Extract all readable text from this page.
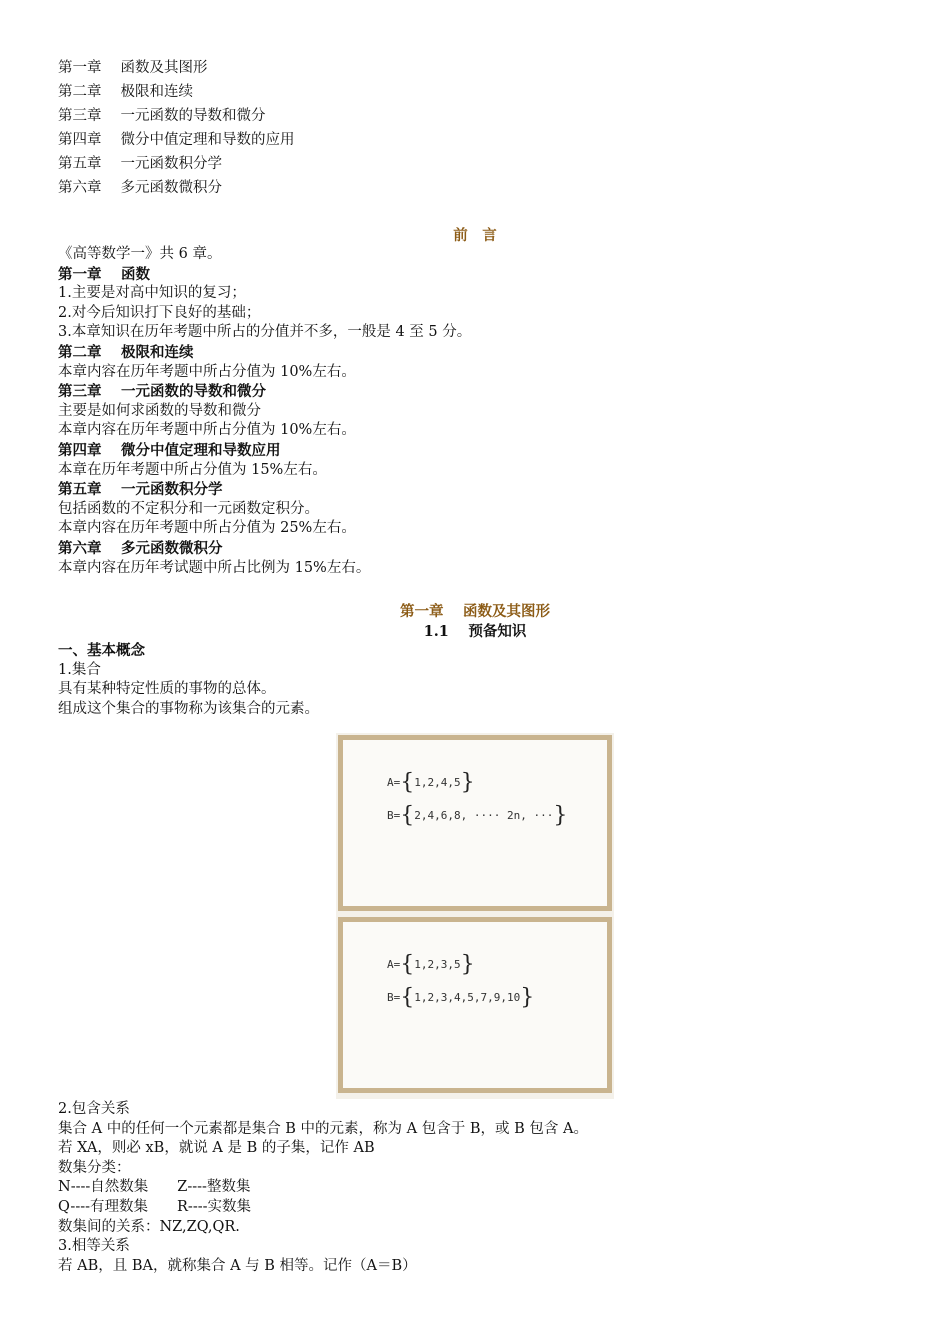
第一章 函数及其图形
第二章 极限和连续
第三章 一元函数的导数和微分
第四章 微分中值定理和导数的应用
第五章 一元函数积分学
第六章 多元函数微积分
前　言
《高等数学一》共 6 章。
第一章　 函数
1.主要是对高中知识的复习；
2.对今后知识打下良好的基础；
3.本章知识在历年考题中所占的分值并不多，一般是 4 至 5 分。
第二章　 极限和连续
本章内容在历年考题中所占分值为 10%左右。
第三章　 一元函数的导数和微分
主要是如何求函数的导数和微分
本章内容在历年考题中所占分值为 10%左右。
第四章　 微分中值定理和导数应用
本章在历年考题中所占分值为 15%左右。
第五章　 一元函数积分学
包括函数的不定积分和一元函数定积分。
本章内容在历年考题中所占分值为 25%左右。
第六章　 多元函数微积分
本章内容在历年考试题中所占比例为 15%左右。
第一章　 函数及其图形
1.1　 预备知识
一、基本概念
1.集合
具有某种特定性质的事物的总体。
组成这个集合的事物称为该集合的元素。
A={1,2,4,5}
B={2,4,6,8, ···· 2n, ···}
A={1,2,3,5}
B={1,2,3,4,5,7,9,10}
2.包含关系
集合 A 中的任何一个元素都是集合 B 中的元素，称为 A 包含于 B，或 B 包含 A。
若 XA，则必 xB，就说 A 是 B 的子集，记作 AB
数集分类：
N----自然数集　　Z----整数集
Q----有理数集　　R----实数集
数集间的关系：NZ,ZQ,QR.
3.相等关系
若 AB，且 BA，就称集合 A 与 B 相等。记作（A＝B）
